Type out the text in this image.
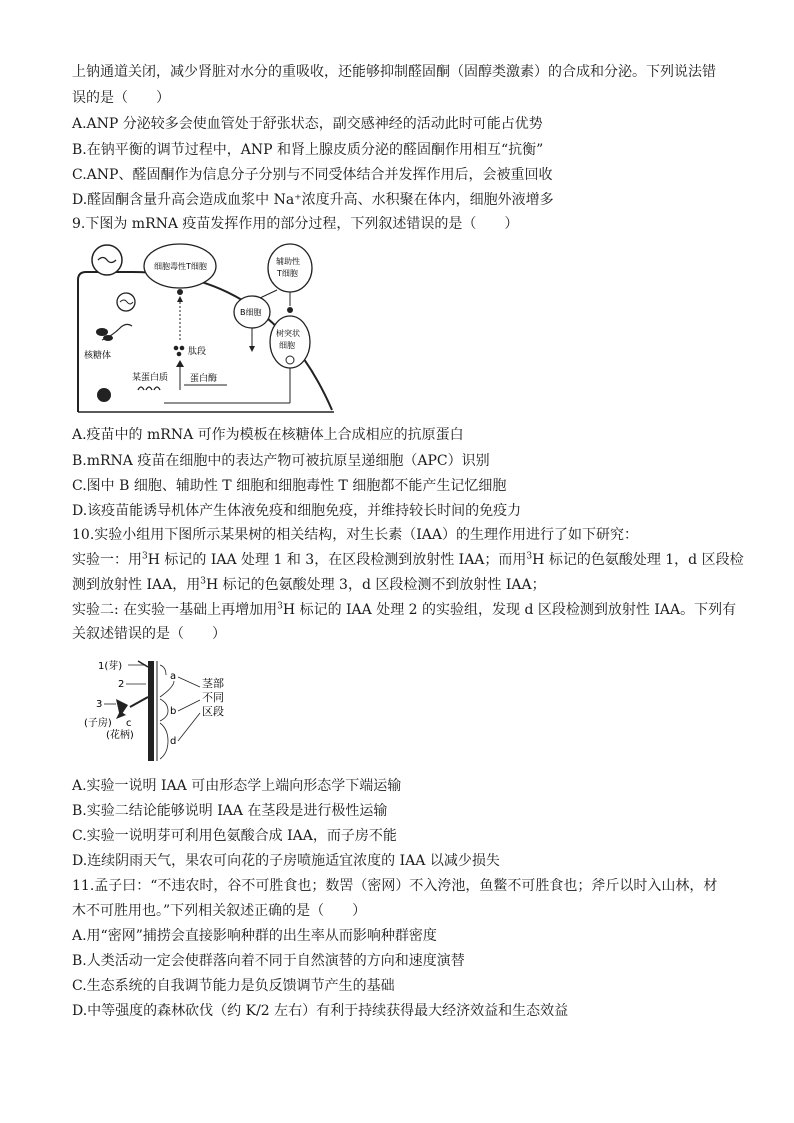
上钠通道关闭，减少肾脏对水分的重吸收，还能够抑制醛固酮（固醇类激素）的合成和分泌。下列说法错
误的是（　　）
A.ANP 分泌较多会使血管处于舒张状态，副交感神经的活动此时可能占优势
B.在钠平衡的调节过程中，ANP 和肾上腺皮质分泌的醛固酮作用相互“抗衡”
C.ANP、醛固酮作为信息分子分别与不同受体结合并发挥作用后，会被重回收
D.醛固酮含量升高会造成血浆中 Na⁺浓度升高、水积聚在体内，细胞外液增多
9.下图为 mRNA 疫苗发挥作用的部分过程，下列叙述错误的是（　　）
核糖体
某蛋白质 蛋白酶
肽段
细胞毒性T细胞
B细胞
辅助性
T细胞
树突状
细胞
A.疫苗中的 mRNA 可作为模板在核糖体上合成相应的抗原蛋白
B.mRNA 疫苗在细胞中的表达产物可被抗原呈递细胞（APC）识别
C.图中 B 细胞、辅助性 T 细胞和细胞毒性 T 细胞都不能产生记忆细胞
D.该疫苗能诱导机体产生体液免疫和细胞免疫，并维持较长时间的免疫力
10.实验小组用下图所示某果树的相关结构，对生长素（IAA）的生理作用进行了如下研究：
实验一：用$^3$H 标记的 IAA 处理 1 和 3，在区段检测到放射性 IAA；而用$^3$H 标记的色氨酸处理 1，d 区段检
测到放射性 IAA，用$^3$H 标记的色氨酸处理 3，d 区段检测不到放射性 IAA；
实验二: 在实验一基础上再增加用$^3$H 标记的 IAA 处理 2 的实验组，发现 d 区段检测到放射性 IAA。下列有
关叙述错误的是（　　）
1(芽)
2
3
(子房) c
(花柄)
a
b
d
茎部
不同
区段
A.实验一说明 IAA 可由形态学上端向形态学下端运输
B.实验二结论能够说明 IAA 在茎段是进行极性运输
C.实验一说明芽可利用色氨酸合成 IAA，而子房不能
D.连续阴雨天气，果农可向花的子房喷施适宜浓度的 IAA 以减少损失
11.孟子曰：“不违农时，谷不可胜食也；数罟（密网）不入洿池，鱼鳖不可胜食也；斧斤以时入山林，材
木不可胜用也。”下列相关叙述正确的是（　　）
A.用“密网”捕捞会直接影响种群的出生率从而影响种群密度
B.人类活动一定会使群落向着不同于自然演替的方向和速度演替
C.生态系统的自我调节能力是负反馈调节产生的基础
D.中等强度的森林砍伐（约 K/2 左右）有利于持续获得最大经济效益和生态效益
